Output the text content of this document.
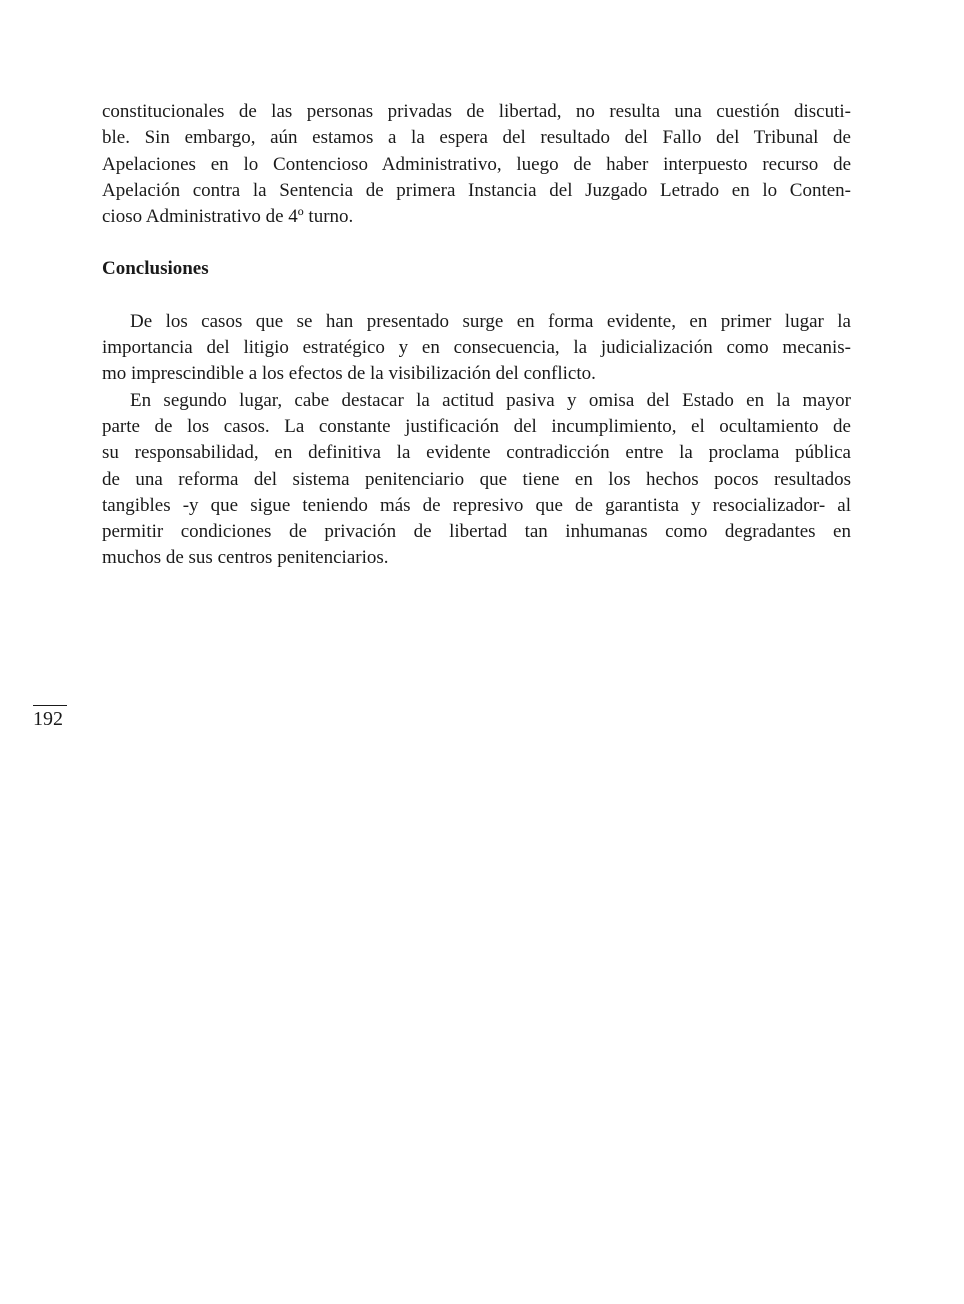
constitucionales de las personas privadas de libertad, no resulta una cuestión discuti-
ble. Sin embargo, aún estamos a la espera del resultado del Fallo del Tribunal de
Apelaciones en lo Contencioso Administrativo, luego de haber interpuesto recurso de
Apelación contra la Sentencia de primera Instancia del Juzgado Letrado en lo Conten-
cioso Administrativo de 4º turno.
Conclusiones
De los casos que se han presentado surge en forma evidente, en primer lugar la
importancia del litigio estratégico y en consecuencia, la judicialización como mecanis-
mo imprescindible a los efectos de la visibilización del conflicto.
En segundo lugar, cabe destacar la actitud pasiva y omisa del Estado en la mayor
parte de los casos. La constante justificación del incumplimiento, el ocultamiento de
su responsabilidad, en definitiva la evidente contradicción entre la proclama pública
de una reforma del sistema penitenciario que tiene en los hechos pocos resultados
tangibles -y que sigue teniendo más de represivo que de garantista y resocializador- al
permitir condiciones de privación de libertad tan inhumanas como degradantes en
muchos de sus centros penitenciarios.
192
